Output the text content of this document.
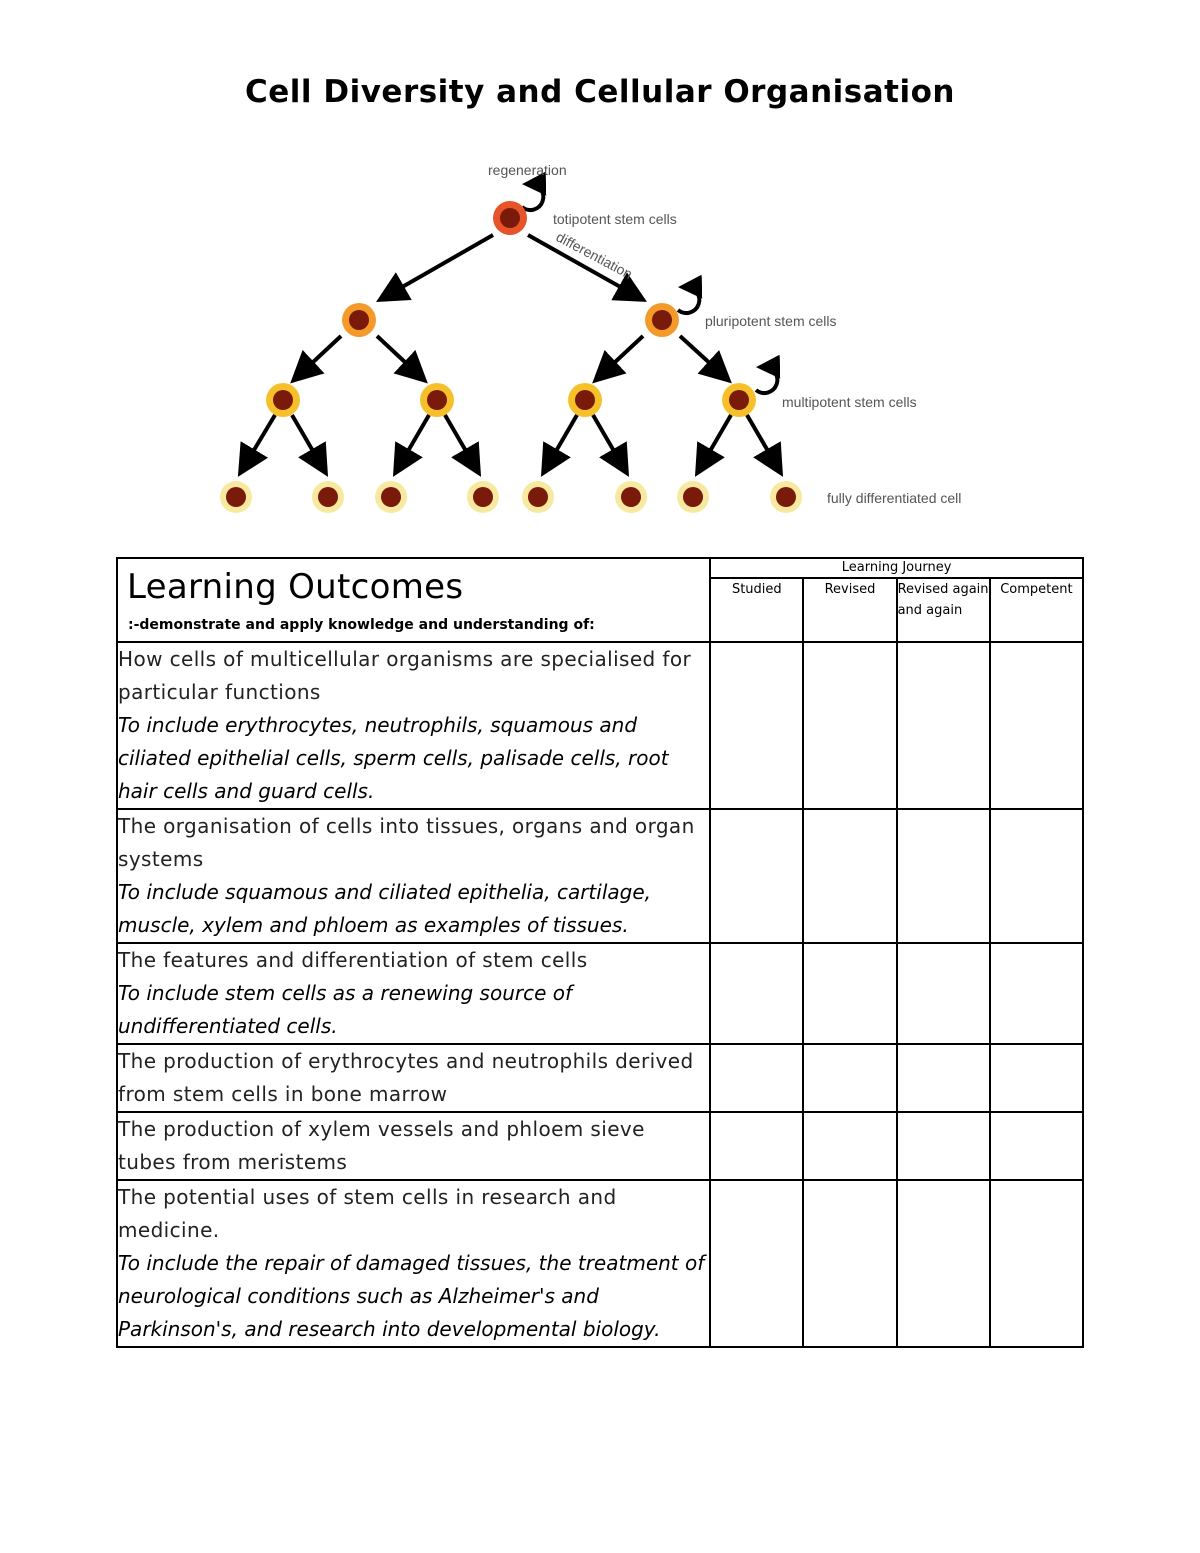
Cell Diversity and Cellular Organisation
regeneration
totipotent stem cells
differentiation
pluripotent stem cells
multipotent stem cells
fully differentiated cell
Learning Outcomes
:-demonstrate and apply knowledge and understanding of:	Learning Journey			
	Studied	Revised	Revised again and again	Competent

How cells of multicellular organisms are specialised for particular functions
To include erythrocytes, neutrophils, squamous and ciliated epithelial cells, sperm cells, palisade cells, root hair cells and guard cells.				

The organisation of cells into tissues, organs and organ systems
To include squamous and ciliated epithelia, cartilage, muscle, xylem and phloem as examples of tissues.				

The features and differentiation of stem cells
To include stem cells as a renewing source of undifferentiated cells.				

The production of erythrocytes and neutrophils derived from stem cells in bone marrow				

The production of xylem vessels and phloem sieve tubes from meristems				

The potential uses of stem cells in research and medicine.
To include the repair of damaged tissues, the treatment of neurological conditions such as Alzheimer's and Parkinson's, and research into developmental biology.				
